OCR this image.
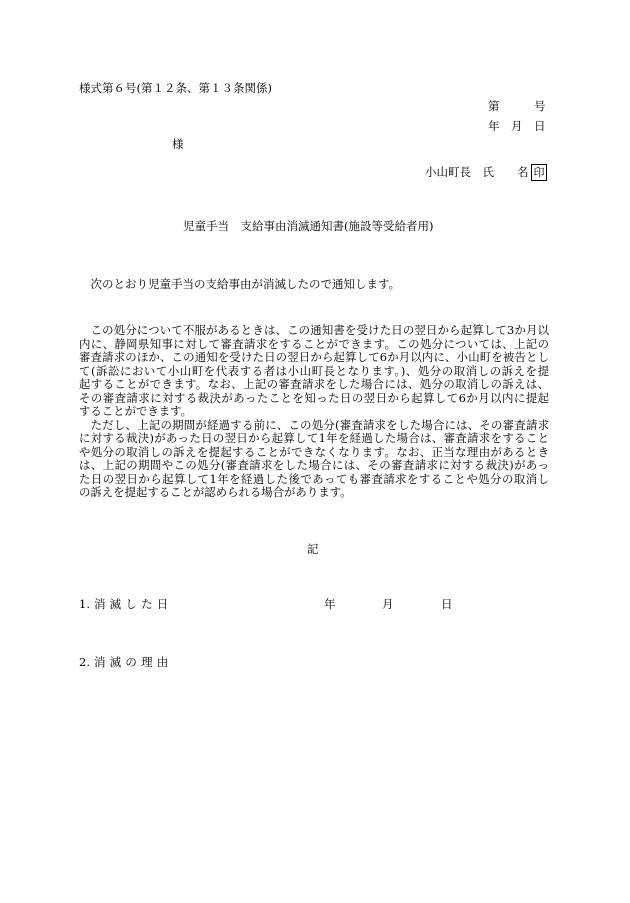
様式第６号(第１２条、第１３条関係)
第　　　号
年　月　日
様
小山町長　氏　　名 印
児童手当　支給事由消滅通知書(施設等受給者用)
　次のとおり児童手当の支給事由が消滅したので通知します。
　この処分について不服があるときは、この通知書を受けた日の翌日から起算して3か月以
内に、静岡県知事に対して審査請求をすることができます。この処分については、上記の
審査請求のほか、この通知を受けた日の翌日から起算して6か月以内に、小山町を被告とし
て(訴訟において小山町を代表する者は小山町長となります。)、処分の取消しの訴えを提
起することができます。なお、上記の審査請求をした場合には、処分の取消しの訴えは、
その審査請求に対する裁決があったことを知った日の翌日から起算して6か月以内に提起
することができます。
　ただし、上記の期間が経過する前に、この処分(審査請求をした場合には、その審査請求
に対する裁決)があった日の翌日から起算して1年を経過した場合は、審査請求をすること
や処分の取消しの訴えを提起することができなくなります。なお、正当な理由があるとき
は、上記の期間やこの処分(審査請求をした場合には、その審査請求に対する裁決)があっ
た日の翌日から起算して1年を経過した後であっても審査請求をすることや処分の取消し
の訴えを提起することが認められる場合があります。
記
1. 消滅した日	年	月	日
2. 消滅の理由
